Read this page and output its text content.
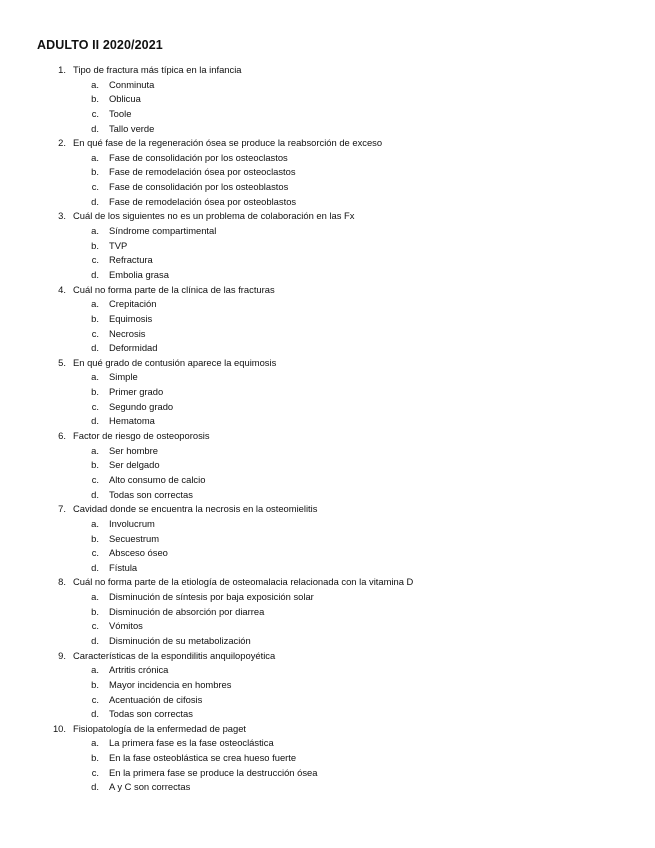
ADULTO II 2020/2021
1. Tipo de fractura más típica en la infancia
a. Conminuta
b. Oblicua
c. Toole
d. Tallo verde
2. En qué fase de la regeneración ósea se produce la reabsorción de exceso
a. Fase de consolidación por los osteoclastos
b. Fase de remodelación ósea por osteoclastos
c. Fase de consolidación por los osteoblastos
d. Fase de remodelación ósea por osteoblastos
3. Cuál de los siguientes no es un problema de colaboración en las Fx
a. Síndrome compartimental
b. TVP
c. Refractura
d. Embolia grasa
4. Cuál no forma parte de la clínica de las fracturas
a. Crepitación
b. Equimosis
c. Necrosis
d. Deformidad
5. En qué grado de contusión aparece la equimosis
a. Simple
b. Primer grado
c. Segundo grado
d. Hematoma
6. Factor de riesgo de osteoporosis
a. Ser hombre
b. Ser delgado
c. Alto consumo de calcio
d. Todas son correctas
7. Cavidad donde se encuentra la necrosis en la osteomielitis
a. Involucrum
b. Secuestrum
c. Absceso óseo
d. Fístula
8. Cuál no forma parte de la etiología de osteomalacia relacionada con la vitamina D
a. Disminución de síntesis por baja exposición solar
b. Disminución de absorción por diarrea
c. Vómitos
d. Disminución de su metabolización
9. Características de la espondilitis anquilopoyética
a. Artritis crónica
b. Mayor incidencia en hombres
c. Acentuación de cifosis
d. Todas son correctas
10. Fisiopatología de la enfermedad de paget
a. La primera fase es la fase osteoclástica
b. En la fase osteoblástica se crea hueso fuerte
c. En la primera fase se produce la destrucción ósea
d. A y C son correctas
